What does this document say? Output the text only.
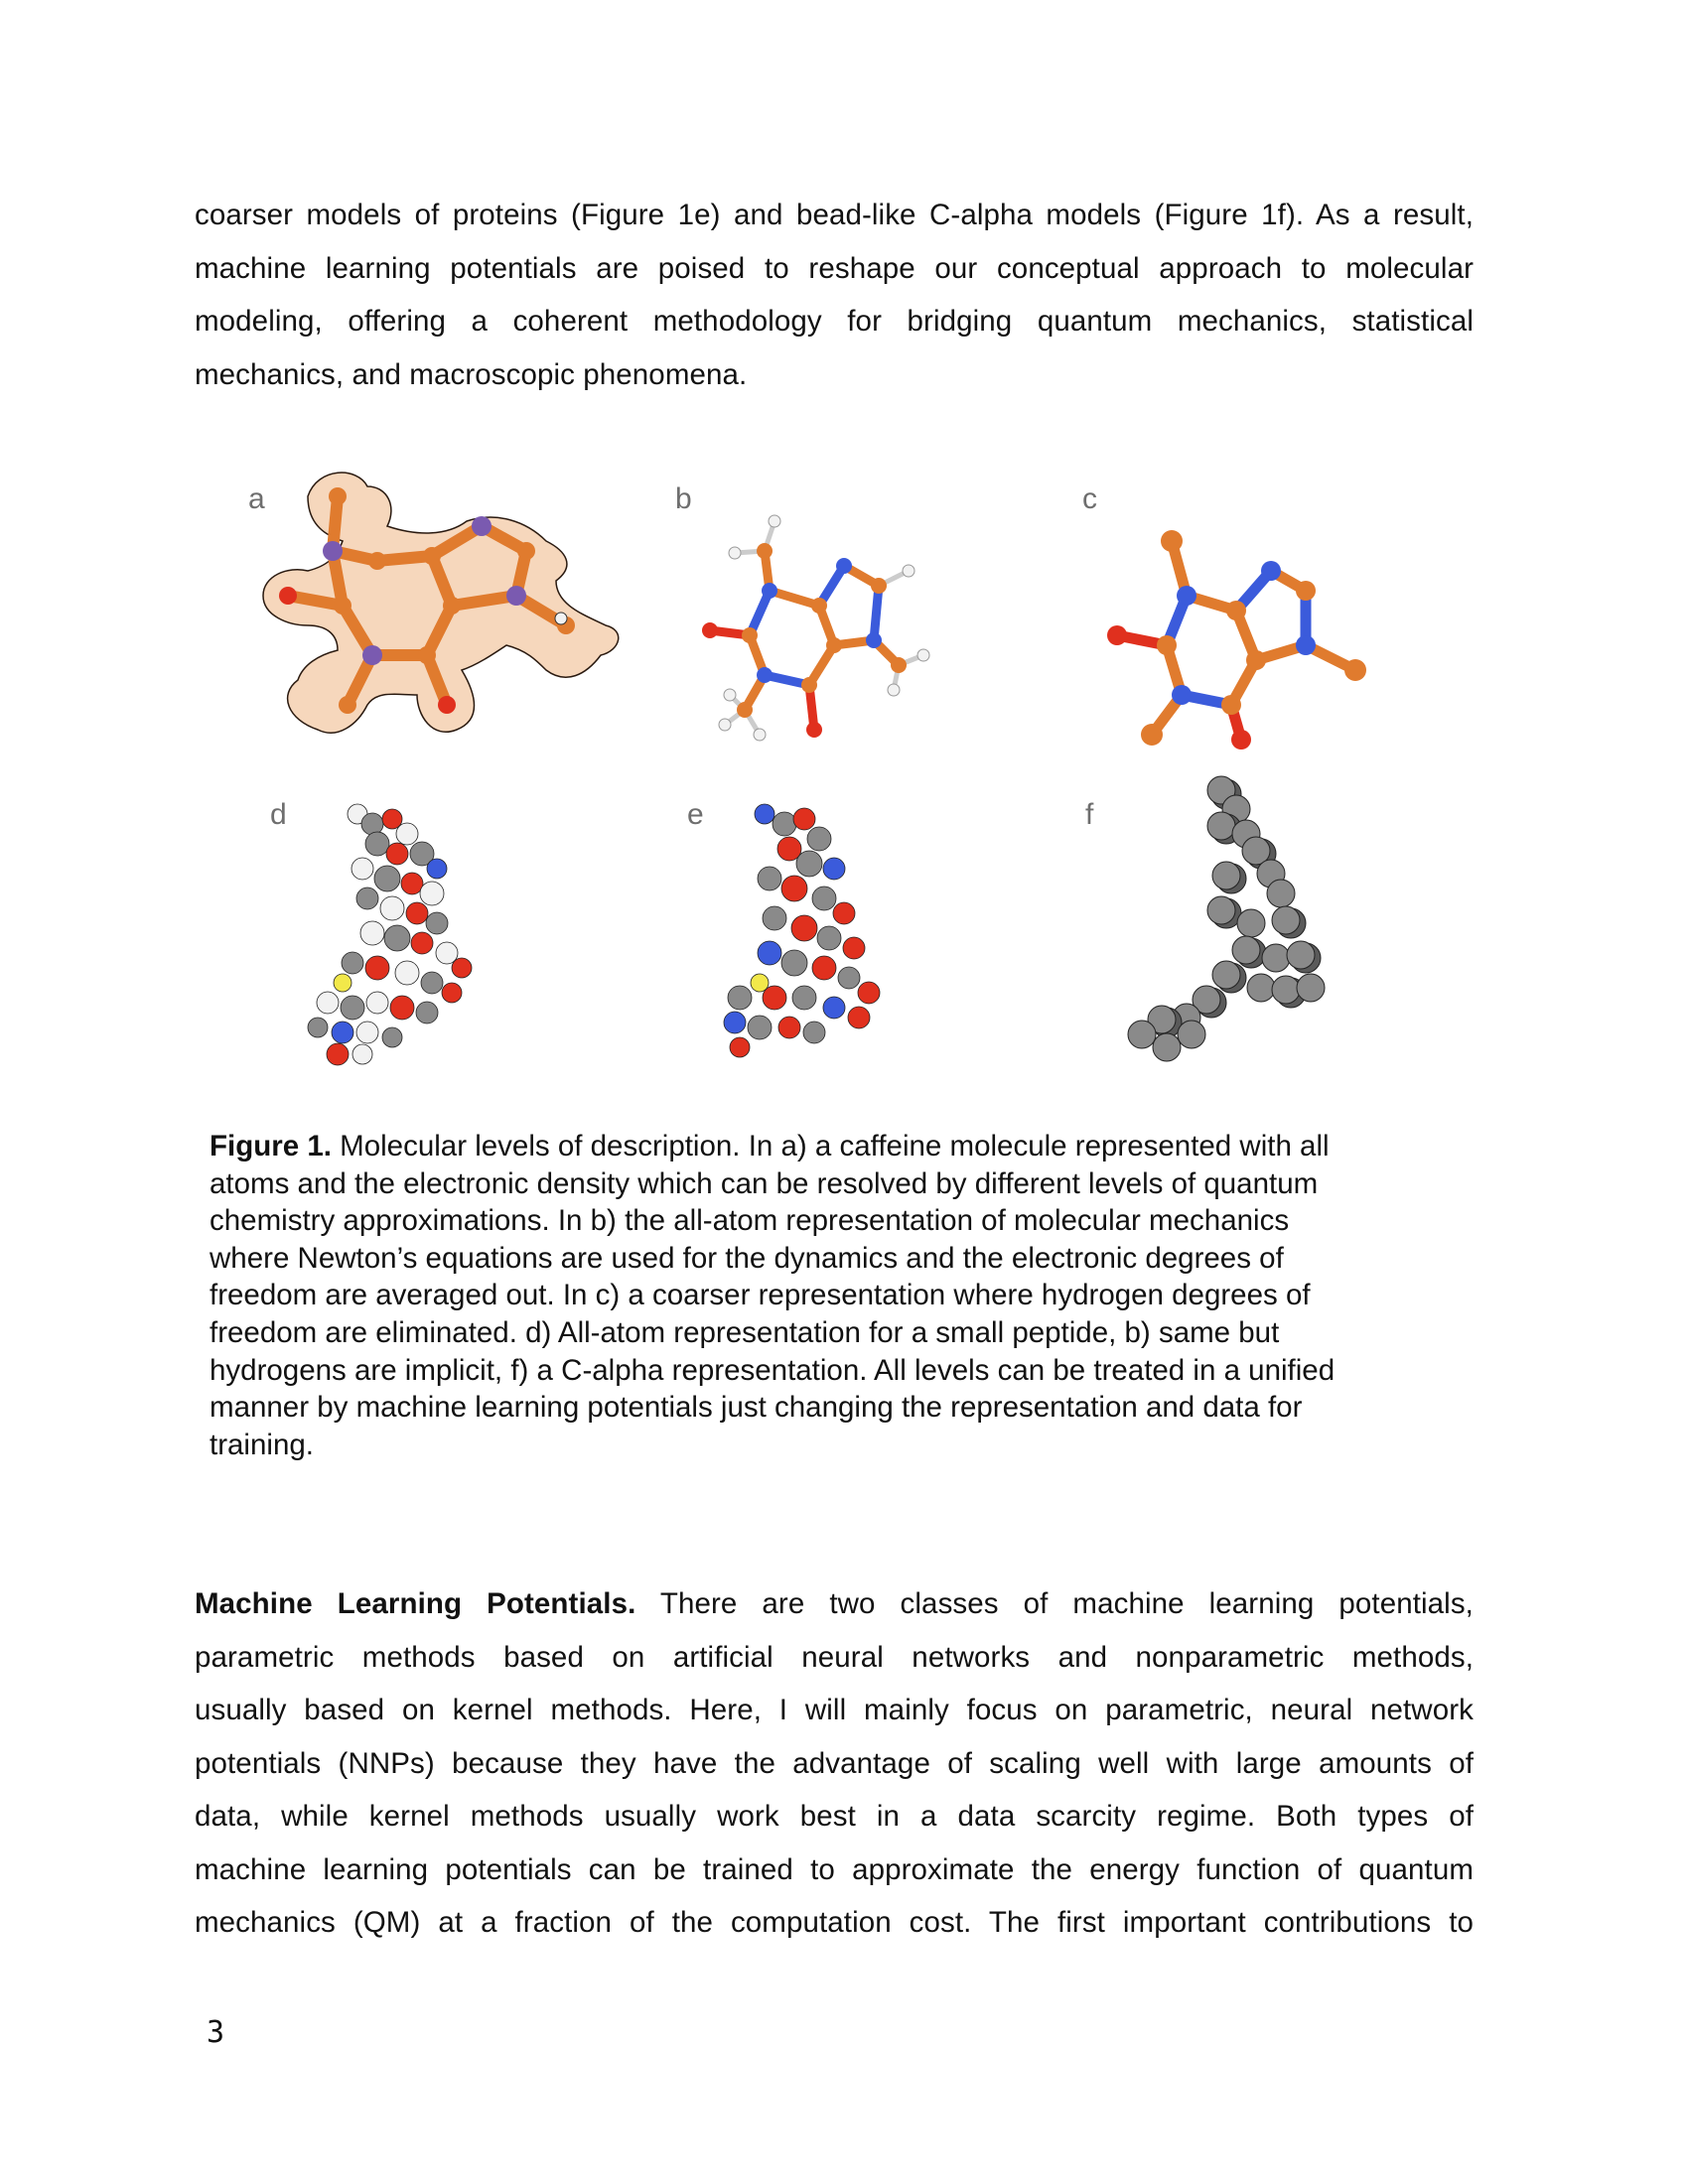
coarser models of proteins (Figure 1e) and bead-like C-alpha models (Figure 1f). As a result,
machine learning potentials are poised to reshape our conceptual approach to molecular
modeling, offering a coherent methodology for bridging quantum mechanics, statistical
mechanics, and macroscopic phenomena.
a	b	c
d	e	f
Figure 1. Molecular levels of description. In a) a caffeine molecule represented with all
atoms and the electronic density which can be resolved by different levels of quantum
chemistry approximations. In b) the all-atom representation of molecular mechanics
where Newton’s equations are used for the dynamics and the electronic degrees of
freedom are averaged out. In c) a coarser representation where hydrogen degrees of
freedom are eliminated. d) All-atom representation for a small peptide, b) same but
hydrogens are implicit, f) a C-alpha representation. All levels can be treated in a unified
manner by machine learning potentials just changing the representation and data for
training.
Machine Learning Potentials. There are two classes of machine learning potentials,
parametric methods based on artificial neural networks and nonparametric methods,
usually based on kernel methods. Here, I will mainly focus on parametric, neural network
potentials (NNPs) because they have the advantage of scaling well with large amounts of
data, while kernel methods usually work best in a data scarcity regime. Both types of
machine learning potentials can be trained to approximate the energy function of quantum
mechanics (QM) at a fraction of the computation cost. The first important contributions to
3
